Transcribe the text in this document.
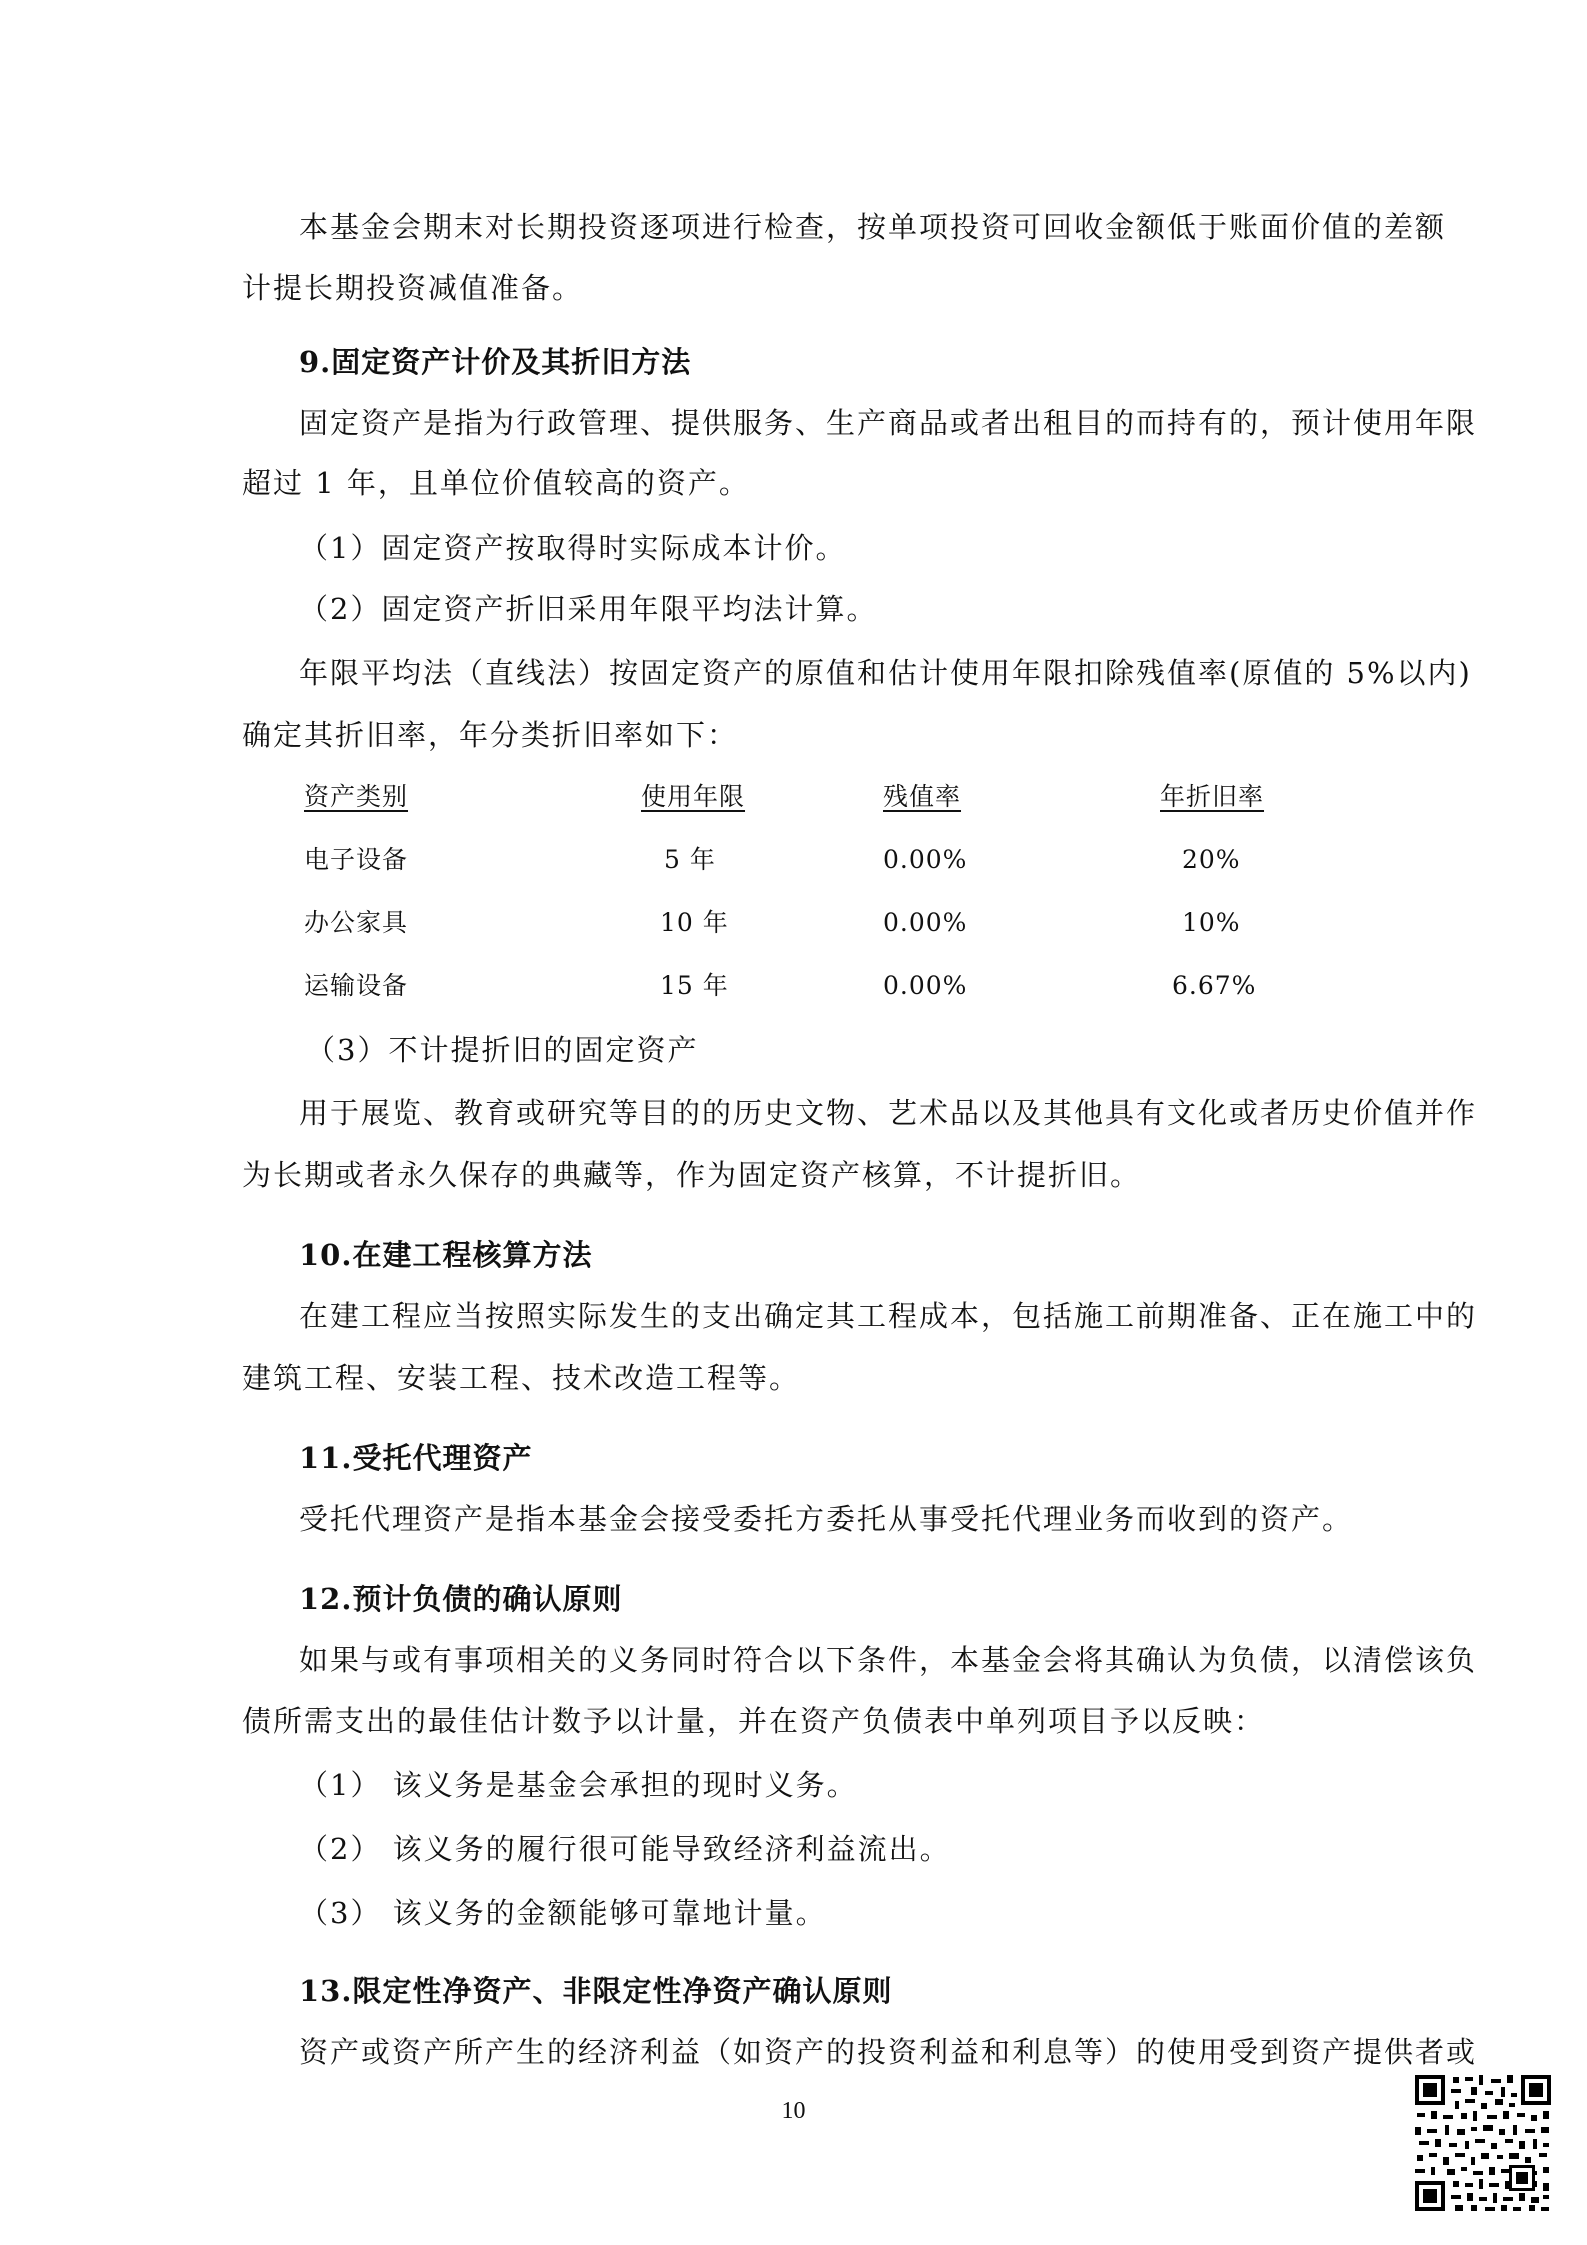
本基金会期末对长期投资逐项进行检查，按单项投资可回收金额低于账面价值的差额
计提长期投资减值准备。
9.固定资产计价及其折旧方法
固定资产是指为行政管理、提供服务、生产商品或者出租目的而持有的，预计使用年限
超过 1 年，且单位价值较高的资产。
（1）固定资产按取得时实际成本计价。
（2）固定资产折旧采用年限平均法计算。
年限平均法（直线法）按固定资产的原值和估计使用年限扣除残值率(原值的 5%以内)
确定其折旧率，年分类折旧率如下：
资产类别	使用年限	残值率	年折旧率
电子设备	5 年	0.00%	20%
办公家具	10 年	0.00%	10%
运输设备	15 年	0.00%	6.67%
（3）不计提折旧的固定资产
用于展览、教育或研究等目的的历史文物、艺术品以及其他具有文化或者历史价值并作
为长期或者永久保存的典藏等，作为固定资产核算，不计提折旧。
10.在建工程核算方法
在建工程应当按照实际发生的支出确定其工程成本，包括施工前期准备、正在施工中的
建筑工程、安装工程、技术改造工程等。
11.受托代理资产
受托代理资产是指本基金会接受委托方委托从事受托代理业务而收到的资产。
12.预计负债的确认原则
如果与或有事项相关的义务同时符合以下条件，本基金会将其确认为负债，以清偿该负
债所需支出的最佳估计数予以计量，并在资产负债表中单列项目予以反映：
（1） 该义务是基金会承担的现时义务。
（2） 该义务的履行很可能导致经济利益流出。
（3） 该义务的金额能够可靠地计量。
13.限定性净资产、非限定性净资产确认原则
资产或资产所产生的经济利益（如资产的投资利益和利息等）的使用受到资产提供者或
10
